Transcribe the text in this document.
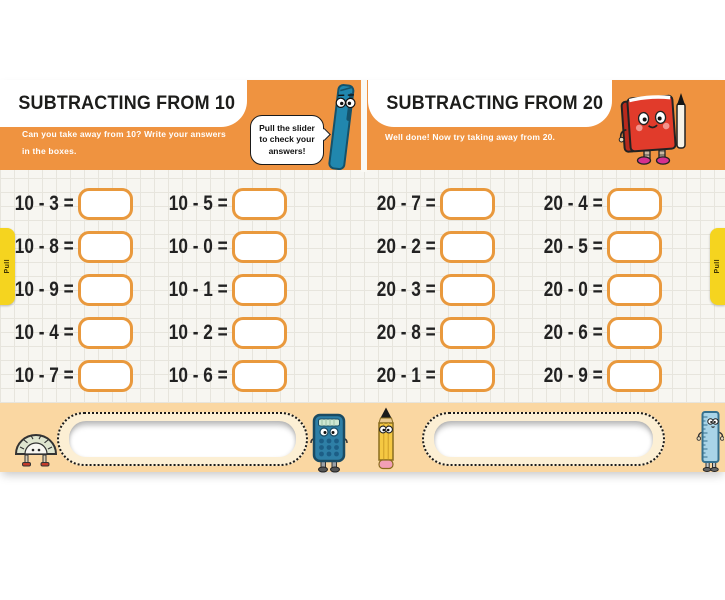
Can you take away from 10? Write your answers
in the boxes.
Pull the slider
to check your
answers!
Well done! Now try taking away from 20.
SUBTRACTING FROM 10	SUBTRACTING FROM 20
Pull	Pull
10 - 3 =
10 - 8 =
10 - 9 =
10 - 4 =
10 - 7 =
10 - 5 =
10 - 0 =
10 - 1 =
10 - 2 =
10 - 6 =
20 - 7 =
20 - 2 =
20 - 3 =
20 - 8 =
20 - 1 =
20 - 4 =
20 - 5 =
20 - 0 =
20 - 6 =
20 - 9 =
